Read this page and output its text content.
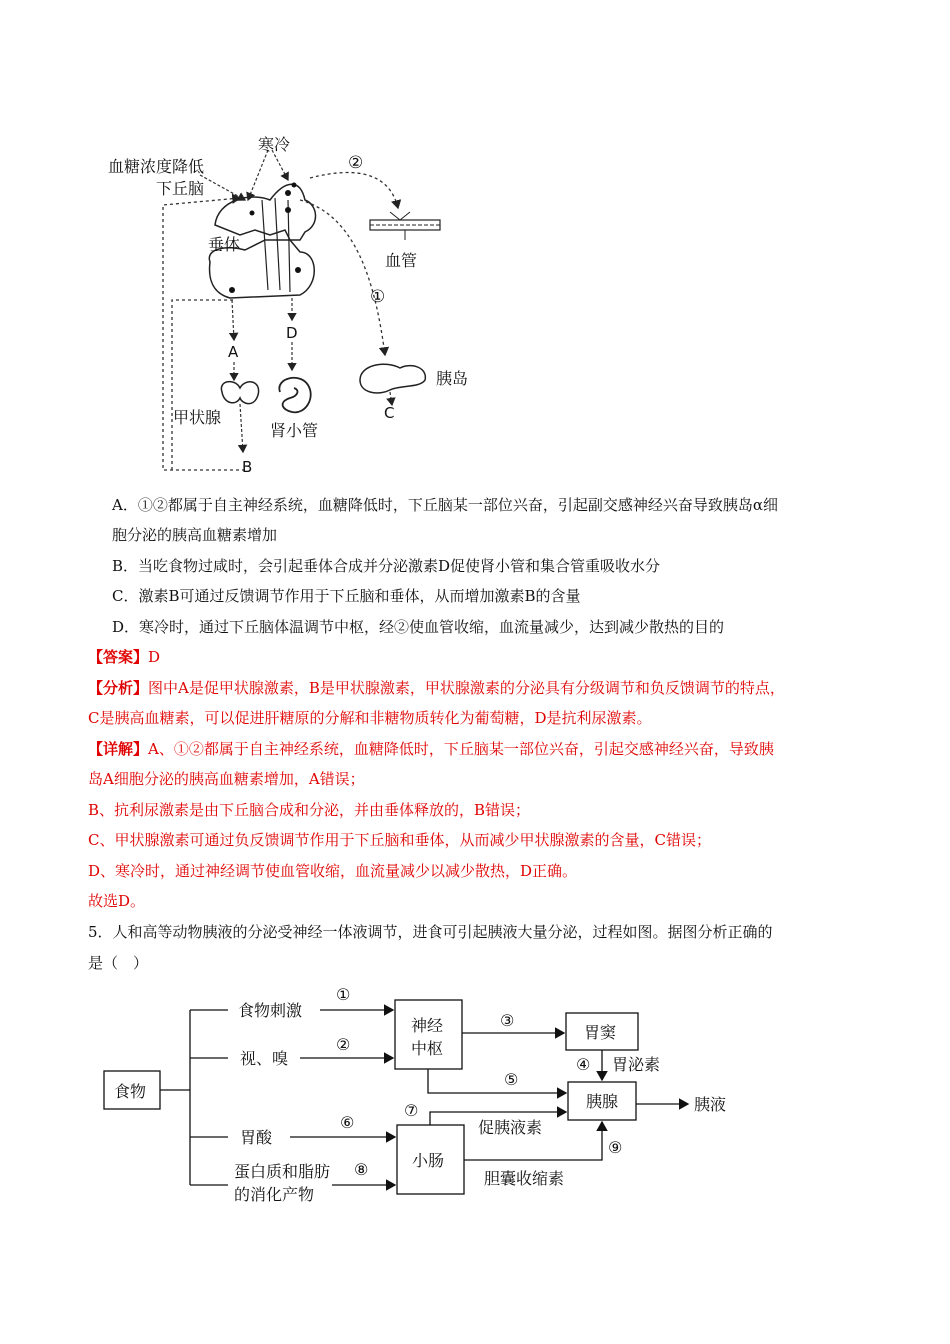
寒冷
血糖浓度降低
下丘脑
垂体
血管
②
①
胰岛
A
D
C
B
甲状腺
肾小管
A．①②都属于自主神经系统，血糖降低时，下丘脑某一部位兴奋，引起副交感神经兴奋导致胰岛α细
胞分泌的胰高血糖素增加
B．当吃食物过咸时，会引起垂体合成并分泌激素D促使肾小管和集合管重吸收水分
C．激素B可通过反馈调节作用于下丘脑和垂体，从而增加激素B的含量
D．寒冷时，通过下丘脑体温调节中枢，经②使血管收缩，血流量减少，达到减少散热的目的
【答案】D
【分析】图中A是促甲状腺激素，B是甲状腺激素，甲状腺激素的分泌具有分级调节和负反馈调节的特点，
C是胰高血糖素，可以促进肝糖原的分解和非糖物质转化为葡萄糖，D是抗利尿激素。
【详解】A、①②都属于自主神经系统，血糖降低时，下丘脑某一部位兴奋，引起交感神经兴奋，导致胰
岛A细胞分泌的胰高血糖素增加，A错误；
B、抗利尿激素是由下丘脑合成和分泌，并由垂体释放的，B错误；
C、甲状腺激素可通过负反馈调节作用于下丘脑和垂体，从而减少甲状腺激素的含量，C错误；
D、寒冷时，通过神经调节使血管收缩，血流量减少以减少散热，D正确。
故选D。
5．人和高等动物胰液的分泌受神经一体液调节，进食可引起胰液大量分泌，过程如图。据图分析正确的
是（　）
食物
食物刺激
视、嗅
胃酸
蛋白质和脂肪
的消化产物
神经
中枢
小肠
胃窦
胰腺	胰液
胃泌素
促胰液素
胆囊收缩素
①
②
③
④
⑤
⑥
⑦
⑧
⑨
